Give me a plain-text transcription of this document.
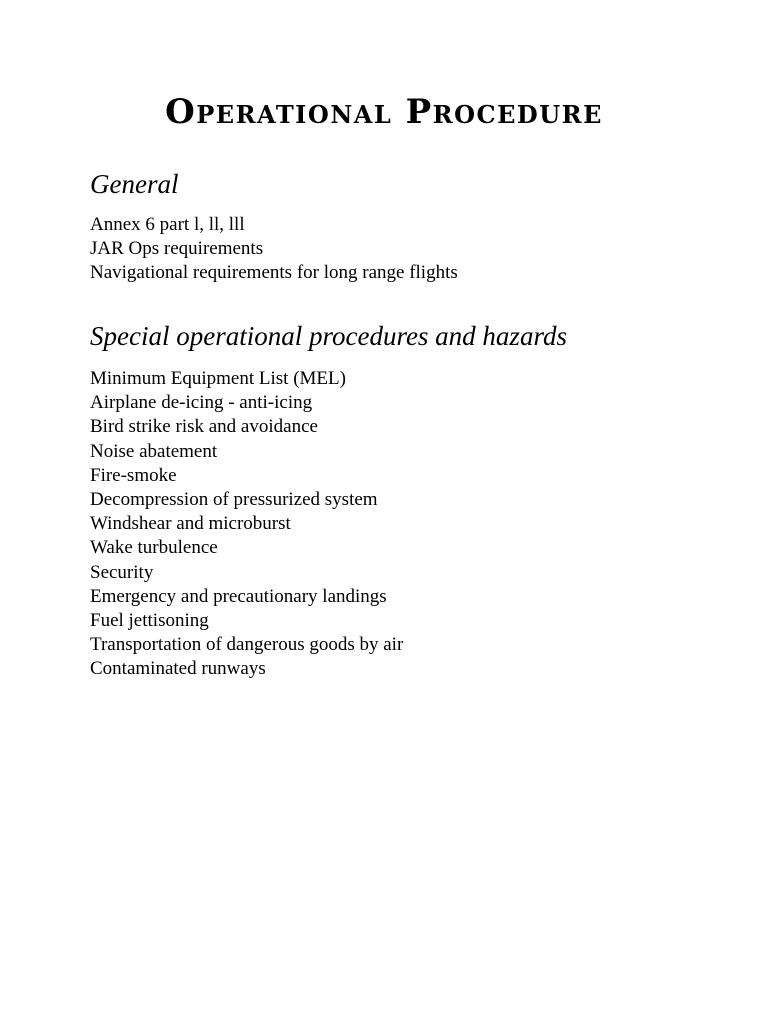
Operational Procedure
General
Annex 6 part l, ll, lll
JAR Ops requirements
Navigational requirements for long range flights
Special operational procedures and hazards
Minimum Equipment List (MEL)
Airplane de-icing - anti-icing
Bird strike risk and avoidance
Noise abatement
Fire-smoke
Decompression of pressurized system
Windshear and microburst
Wake turbulence
Security
Emergency and precautionary landings
Fuel jettisoning
Transportation of dangerous goods by air
Contaminated runways
